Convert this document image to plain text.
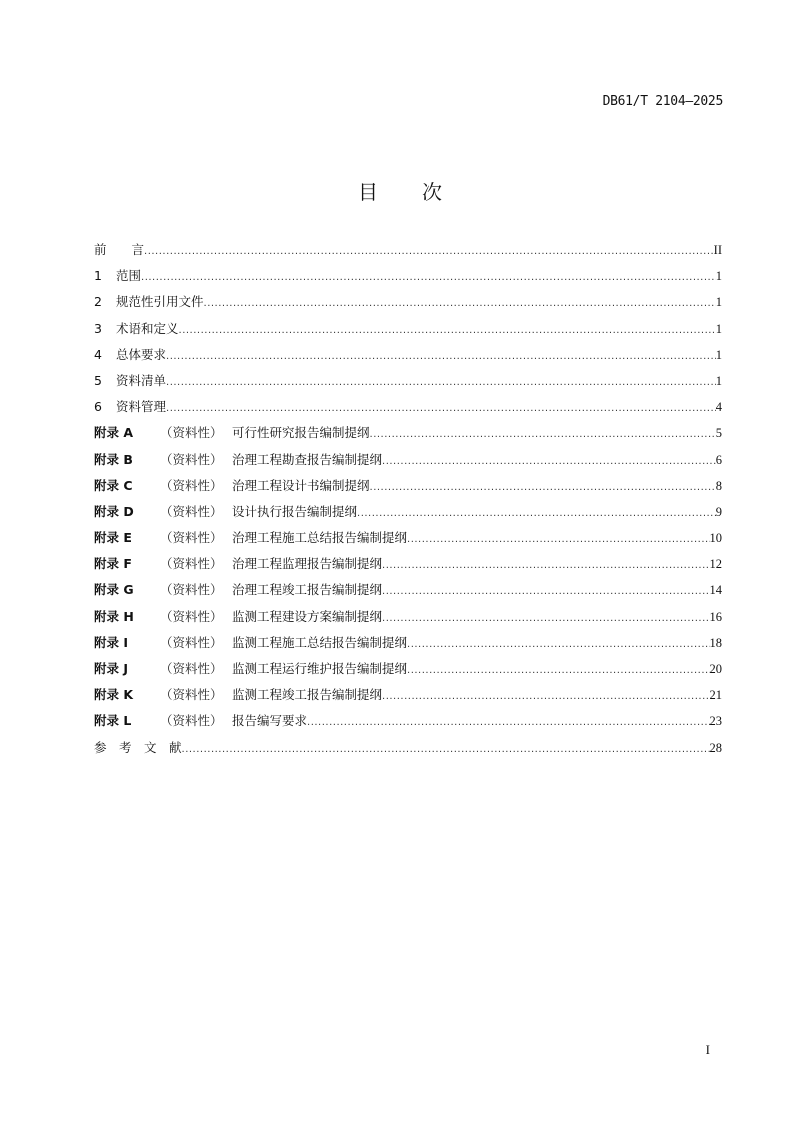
DB61/T 2104—2025
目 次
前　　言 .....	II
1 范围 .....	1
2 规范性引用文件 .....	1
3 术语和定义 .....	1
4 总体要求 .....	1
5 资料清单 .....	1
6 资料管理 .....	4
附录 A （资料性） 可行性研究报告编制提纲 .....	5
附录 B （资料性） 治理工程勘查报告编制提纲 .....	6
附录 C （资料性） 治理工程设计书编制提纲 .....	8
附录 D （资料性） 设计执行报告编制提纲 .....	9
附录 E （资料性） 治理工程施工总结报告编制提纲 .....	10
附录 F （资料性） 治理工程监理报告编制提纲 .....	12
附录 G （资料性） 治理工程竣工报告编制提纲 .....	14
附录 H （资料性） 监测工程建设方案编制提纲 .....	16
附录 I	（资料性） 监测工程施工总结报告编制提纲 .....	18
附录 J	（资料性） 监测工程运行维护报告编制提纲 .....	20
附录 K （资料性） 监测工程竣工报告编制提纲 .....	21
附录 L （资料性） 报告编写要求 .....	23
参　考　文　献 .....	28
I
